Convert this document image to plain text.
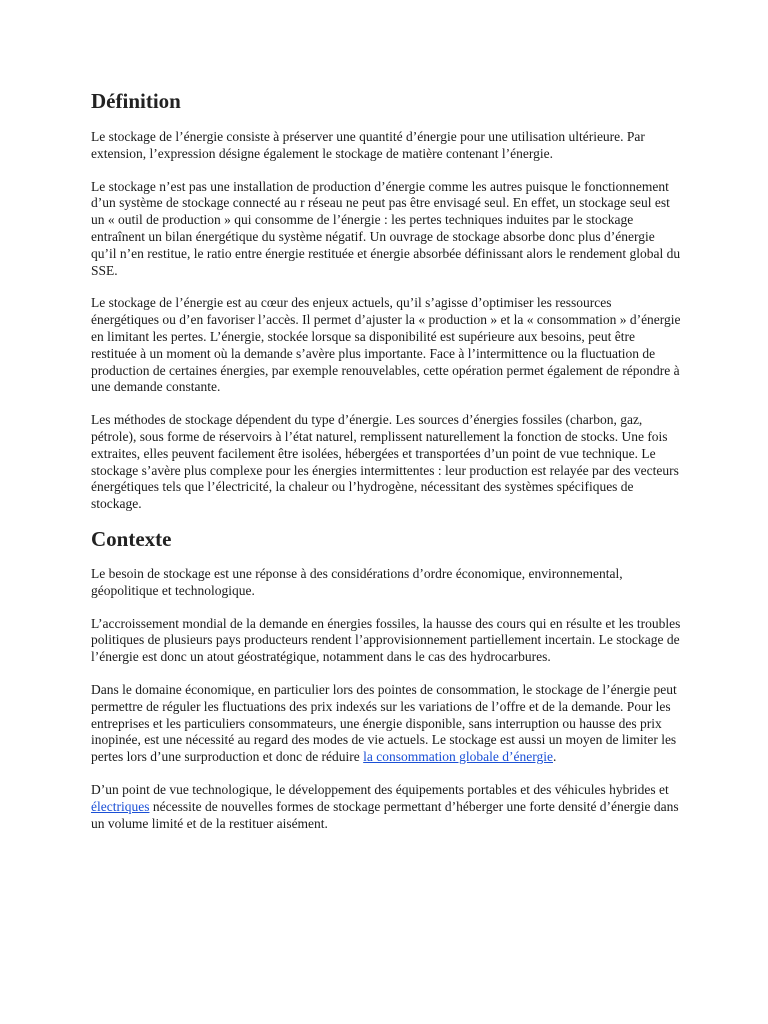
Définition

Le stockage de l’énergie consiste à préserver une quantité d’énergie pour une utilisation ultérieure. Par extension, l’expression désigne également le stockage de matière contenant l’énergie.

Le stockage n’est pas une installation de production d’énergie comme les autres puisque le fonctionnement d’un système de stockage connecté au r réseau ne peut pas être envisagé seul. En effet, un stockage seul est un « outil de production » qui consomme de l’énergie : les pertes techniques induites par le stockage entraînent un bilan énergétique du système négatif. Un ouvrage de stockage absorbe donc plus d’énergie qu’il n’en restitue, le ratio entre énergie restituée et énergie absorbée définissant alors le rendement global du SSE.

Le stockage de l’énergie est au cœur des enjeux actuels, qu’il s’agisse d’optimiser les ressources énergétiques ou d’en favoriser l’accès. Il permet d’ajuster la « production » et la « consommation » d’énergie en limitant les pertes. L’énergie, stockée lorsque sa disponibilité est supérieure aux besoins, peut être restituée à un moment où la demande s’avère plus importante. Face à l’intermittence ou la fluctuation de production de certaines énergies, par exemple renouvelables, cette opération permet également de répondre à une demande constante.

Les méthodes de stockage dépendent du type d’énergie. Les sources d’énergies fossiles (charbon, gaz, pétrole), sous forme de réservoirs à l’état naturel, remplissent naturellement la fonction de stocks. Une fois extraites, elles peuvent facilement être isolées, hébergées et transportées d’un point de vue technique. Le stockage s’avère plus complexe pour les énergies intermittentes : leur production est relayée par des vecteurs énergétiques tels que l’électricité, la chaleur ou l’hydrogène, nécessitant des systèmes spécifiques de stockage.

Contexte

Le besoin de stockage est une réponse à des considérations d’ordre économique, environnemental, géopolitique et technologique.

L’accroissement mondial de la demande en énergies fossiles, la hausse des cours qui en résulte et les troubles politiques de plusieurs pays producteurs rendent l’approvisionnement partiellement incertain. Le stockage de l’énergie est donc un atout géostratégique, notamment dans le cas des hydrocarbures.

Dans le domaine économique, en particulier lors des pointes de consommation, le stockage de l’énergie peut permettre de réguler les fluctuations des prix indexés sur les variations de l’offre et de la demande. Pour les entreprises et les particuliers consommateurs, une énergie disponible, sans interruption ou hausse des prix inopinée, est une nécessité au regard des modes de vie actuels. Le stockage est aussi un moyen de limiter les pertes lors d’une surproduction et donc de réduire la consommation globale d’énergie.

D’un point de vue technologique, le développement des équipements portables et des véhicules hybrides et électriques nécessite de nouvelles formes de stockage permettant d’héberger une forte densité d’énergie dans un volume limité et de la restituer aisément.
